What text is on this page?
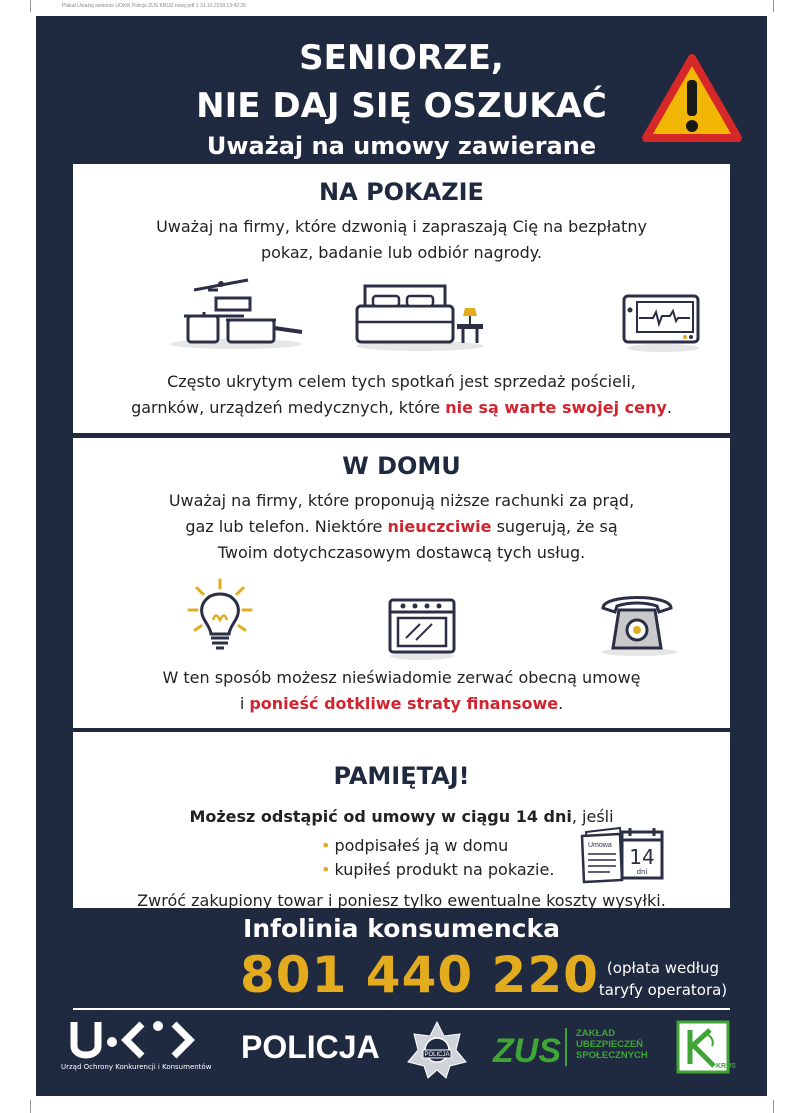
Plakat Uważaj seniorze UOKiK Policja ZUS KRUS nowy.pdf 1 31.10.2018 13:42:26
SENIORZE,
NIE DAJ SIĘ OSZUKAĆ
Uważaj na umowy zawierane
NA POKAZIE
Uważaj na firmy, które dzwonią i zapraszają Cię na bezpłatny
pokaz, badanie lub odbiór nagrody.
Często ukrytym celem tych spotkań jest sprzedaż pościeli,
garnków, urządzeń medycznych, które nie są warte swojej ceny.
W DOMU
Uważaj na firmy, które proponują niższe rachunki za prąd,
gaz lub telefon. Niektóre nieuczciwie sugerują, że są
Twoim dotychczasowym dostawcą tych usług.
W ten sposób możesz nieświadomie zerwać obecną umowę
i ponieść dotkliwe straty finansowe.
PAMIĘTAJ!
Możesz odstąpić od umowy w ciągu 14 dni, jeśli
• podpisałeś ją w domu
• kupiłeś produkt na pokazie.
Umowa 14
dni
Zwróć zakupiony towar i poniesz tylko ewentualne koszty wysyłki.
Infolinia konsumencka
801 440 220 (opłata według
taryfy operatora)
Urząd Ochrony Konkurencji i Konsumentów
POLICJA	POLICJA ZUS ZAKŁAD
UBEZPIECZEŃ
SPOŁECZNYCH
KRUS
